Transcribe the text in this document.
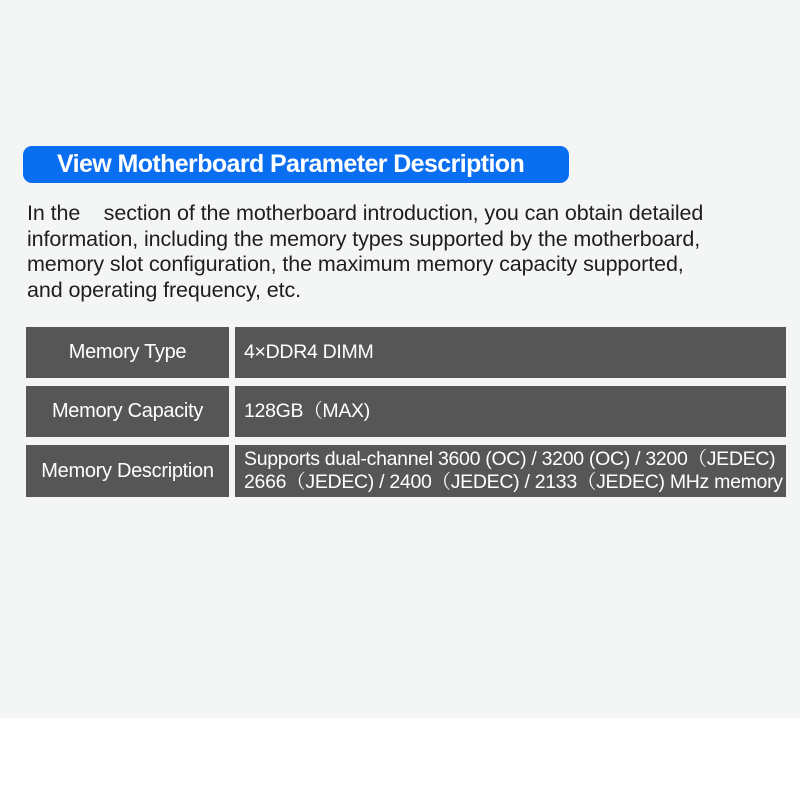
View Motherboard Parameter Description
In the    section of the motherboard introduction, you can obtain detailed
information, including the memory types supported by the motherboard,
memory slot configuration, the maximum memory capacity supported,
and operating frequency, etc.
Memory Type	4×DDR4 DIMM
Memory Capacity	128GB（MAX)
Memory Description
Supports dual-channel 3600 (OC) / 3200 (OC) / 3200（JEDEC)
2666（JEDEC) / 2400（JEDEC) / 2133（JEDEC) MHz memory
